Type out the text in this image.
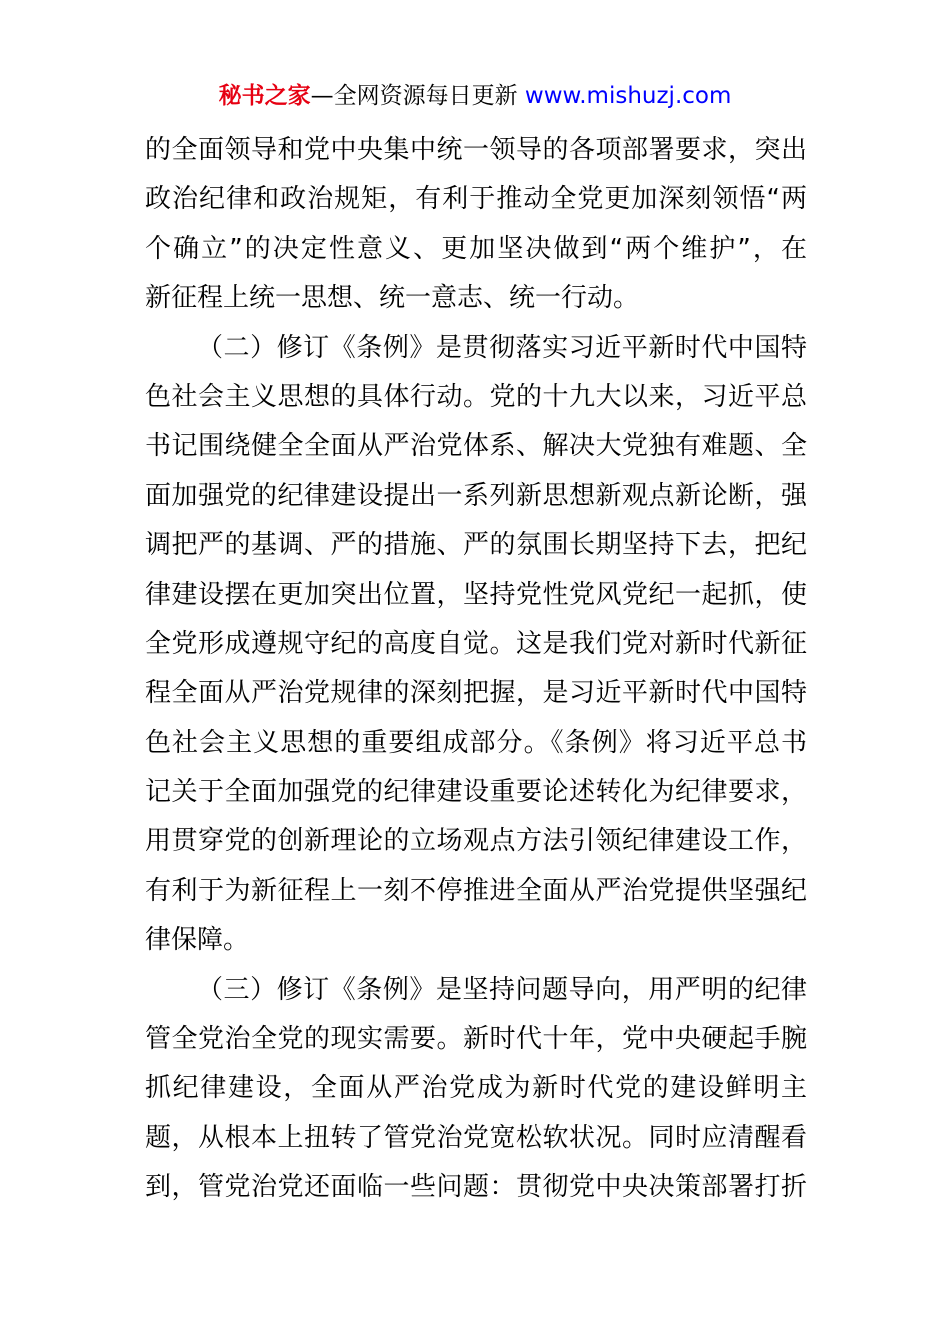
秘书之家—全网资源每日更新 www.mishuzj.com
的全面领导和党中央集中统一领导的各项部署要求，突出
政治纪律和政治规矩，有利于推动全党更加深刻领悟“两
个确立”的决定性意义、更加坚决做到“两个维护”，在
新征程上统一思想、统一意志、统一行动。
（二）修订《条例》是贯彻落实习近平新时代中国特
色社会主义思想的具体行动。党的十九大以来，习近平总
书记围绕健全全面从严治党体系、解决大党独有难题、全
面加强党的纪律建设提出一系列新思想新观点新论断，强
调把严的基调、严的措施、严的氛围长期坚持下去，把纪
律建设摆在更加突出位置，坚持党性党风党纪一起抓，使
全党形成遵规守纪的高度自觉。这是我们党对新时代新征
程全面从严治党规律的深刻把握，是习近平新时代中国特
色社会主义思想的重要组成部分。《条例》将习近平总书
记关于全面加强党的纪律建设重要论述转化为纪律要求，
用贯穿党的创新理论的立场观点方法引领纪律建设工作，
有利于为新征程上一刻不停推进全面从严治党提供坚强纪
律保障。
（三）修订《条例》是坚持问题导向，用严明的纪律
管全党治全党的现实需要。新时代十年，党中央硬起手腕
抓纪律建设，全面从严治党成为新时代党的建设鲜明主
题，从根本上扭转了管党治党宽松软状况。同时应清醒看
到，管党治党还面临一些问题：贯彻党中央决策部署打折
